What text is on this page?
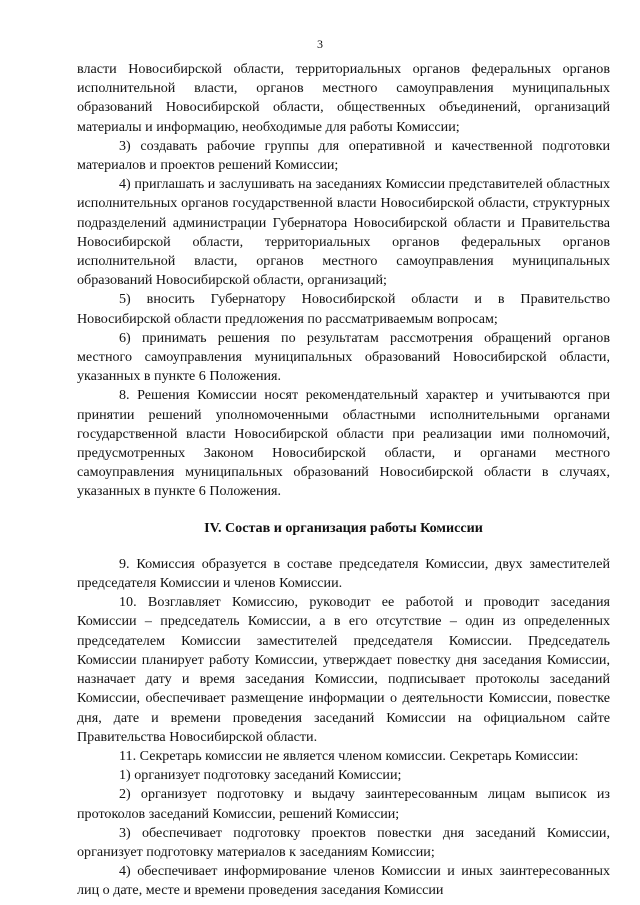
3

власти Новосибирской области, территориальных органов федеральных органов исполнительной власти, органов местного самоуправления муниципальных образований Новосибирской области, общественных объединений, организаций материалы и информацию, необходимые для работы Комиссии;

3) создавать рабочие группы для оперативной и качественной подготовки материалов и проектов решений Комиссии;

4) приглашать и заслушивать на заседаниях Комиссии представителей областных исполнительных органов государственной власти Новосибирской области, структурных подразделений администрации Губернатора Новосибирской области и Правительства Новосибирской области, территориальных органов федеральных органов исполнительной власти, органов местного самоуправления муниципальных образований Новосибирской области, организаций;

5) вносить Губернатору Новосибирской области и в Правительство Новосибирской области предложения по рассматриваемым вопросам;

6) принимать решения по результатам рассмотрения обращений органов местного самоуправления муниципальных образований Новосибирской области, указанных в пункте 6 Положения.

8. Решения Комиссии носят рекомендательный характер и учитываются при принятии решений уполномоченными областными исполнительными органами государственной власти Новосибирской области при реализации ими полномочий, предусмотренных Законом Новосибирской области, и органами местного самоуправления муниципальных образований Новосибирской области в случаях, указанных в пункте 6 Положения.

IV. Состав и организация работы Комиссии

9. Комиссия образуется в составе председателя Комиссии, двух заместителей председателя Комиссии и членов Комиссии.

10. Возглавляет Комиссию, руководит ее работой и проводит заседания Комиссии – председатель Комиссии, а в его отсутствие – один из определенных председателем Комиссии заместителей председателя Комиссии. Председатель Комиссии планирует работу Комиссии, утверждает повестку дня заседания Комиссии, назначает дату и время заседания Комиссии, подписывает протоколы заседаний Комиссии, обеспечивает размещение информации о деятельности Комиссии, повестке дня, дате и времени проведения заседаний Комиссии на официальном сайте Правительства Новосибирской области.

11. Секретарь комиссии не является членом комиссии. Секретарь Комиссии:

1) организует подготовку заседаний Комиссии;

2) организует подготовку и выдачу заинтересованным лицам выписок из протоколов заседаний Комиссии, решений Комиссии;

3) обеспечивает подготовку проектов повестки дня заседаний Комиссии, организует подготовку материалов к заседаниям Комиссии;

4) обеспечивает информирование членов Комиссии и иных заинтересованных лиц о дате, месте и времени проведения заседания Комиссии
